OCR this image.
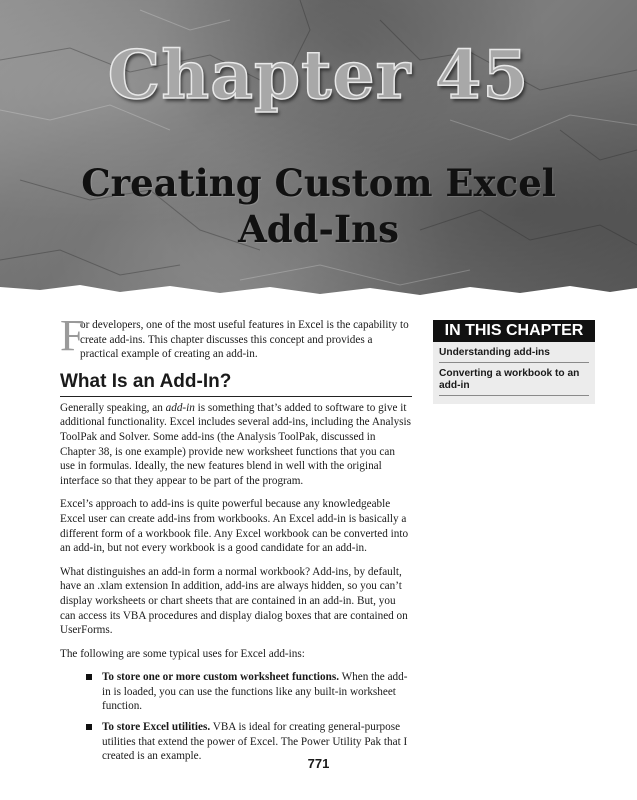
Chapter 45
Creating Custom Excel
Add-Ins

F
or developers, one of the most useful features in Excel is the capability to create add-ins. This chapter discusses this concept and provides a practical example of creating an add-in.

What Is an Add-In?

Generally speaking, an add-in is something that’s added to software to give it additional functionality. Excel includes several add-ins, including the Analysis ToolPak and Solver. Some add-ins (the Analysis ToolPak, discussed in Chapter 38, is one example) provide new worksheet functions that you can use in formulas. Ideally, the new features blend in well with the original interface so that they appear to be part of the program.

Excel’s approach to add-ins is quite powerful because any knowledgeable Excel user can create add-ins from workbooks. An Excel add-in is basically a different form of a workbook file. Any Excel workbook can be converted into an add-in, but not every workbook is a good candidate for an add-in.

What distinguishes an add-in form a normal workbook? Add-ins, by default, have an .xlam extension In addition, add-ins are always hidden, so you can’t display worksheets or chart sheets that are contained in an add-in. But, you can access its VBA procedures and display dialog boxes that are contained on UserForms.

The following are some typical uses for Excel add-ins:

To store one or more custom worksheet functions. When the add-in is loaded, you can use the functions like any built-in worksheet function.
To store Excel utilities. VBA is ideal for creating general-purpose utilities that extend the power of Excel. The Power Utility Pak that I created is an example.
IN THIS CHAPTER
Understanding add-ins
Converting a workbook to an add-in
771
